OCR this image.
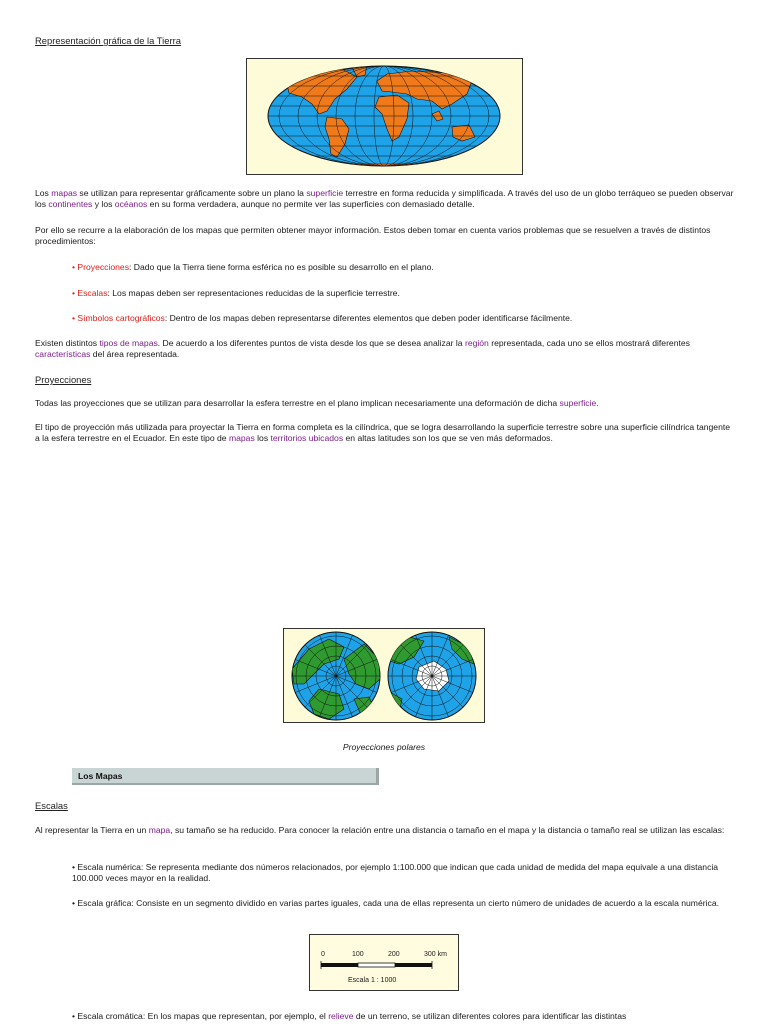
Representación gráfica de la Tierra
Los mapas se utilizan para representar gráficamente sobre un plano la superficie terrestre en forma reducida y simplificada. A través del uso de un globo terráqueo se pueden observar los continentes y los océanos en su forma verdadera, aunque no permite ver las superficies con demasiado detalle.
Por ello se recurre a la elaboración de los mapas que permiten obtener mayor información. Estos deben tomar en cuenta varios problemas que se resuelven a través de distintos procedimientos:
• Proyecciones: Dado que la Tierra tiene forma esférica no es posible su desarrollo en el plano.
• Escalas: Los mapas deben ser representaciones reducidas de la superficie terrestre.
• Símbolos cartográficos: Dentro de los mapas deben representarse diferentes elementos que deben poder identificarse fácilmente.
Existen distintos tipos de mapas. De acuerdo a los diferentes puntos de vista desde los que se desea analizar la región representada, cada uno se ellos mostrará diferentes características del área representada.
Proyecciones
Todas las proyecciones que se utilizan para desarrollar la esfera terrestre en el plano implican necesariamente una deformación de dicha superficie.
El tipo de proyección más utilizada para proyectar la Tierra en forma completa es la cilíndrica, que se logra desarrollando la superficie terrestre sobre una superficie cilíndrica tangente a la esfera terrestre en el Ecuador. En este tipo de mapas los territorios ubicados en altas latitudes son los que se ven más deformados.
Proyecciones polares
Los Mapas
Escalas
Al representar la Tierra en un mapa, su tamaño se ha reducido. Para conocer la relación entre una distancia o tamaño en el mapa y la distancia o tamaño real se utilizan las escalas:
• Escala numérica: Se representa mediante dos números relacionados, por ejemplo 1:100.000 que indican que cada unidad de medida del mapa equivale a una distancia 100.000 veces mayor en la realidad.
• Escala gráfica: Consiste en un segmento dividido en varias partes iguales, cada una de ellas representa un cierto número de unidades de acuerdo a la escala numérica.
0	100	200	300 km
Escala 1 : 1000
• Escala cromática: En los mapas que representan, por ejemplo, el relieve de un terreno, se utilizan diferentes colores para identificar las distintas
